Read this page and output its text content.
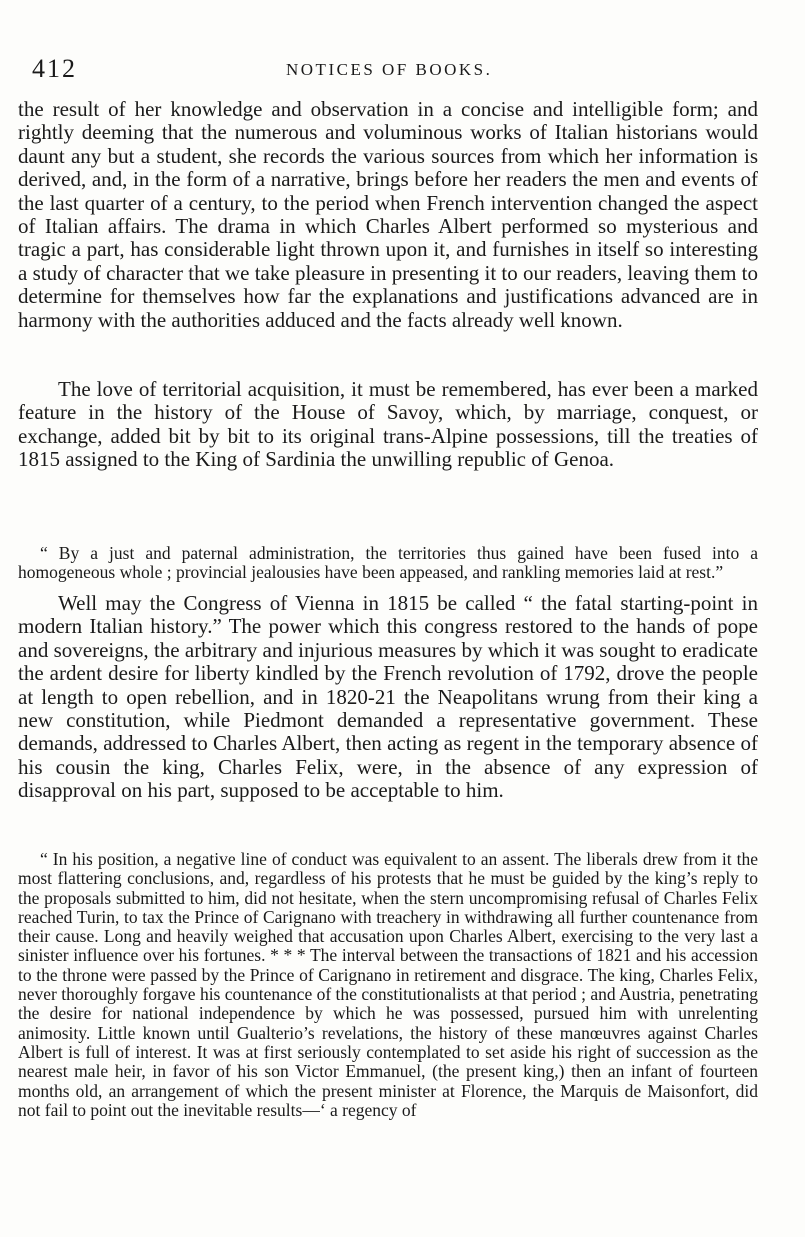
412	NOTICES OF BOOKS.

the result of her knowledge and observation in a concise and intelligible form; and rightly deeming that the numerous and voluminous works of Italian historians would daunt any but a student, she records the various sources from which her information is derived, and, in the form of a narrative, brings before her readers the men and events of the last quarter of a century, to the period when French intervention changed the aspect of Italian affairs. The drama in which Charles Albert performed so mysterious and tragic a part, has considerable light thrown upon it, and furnishes in itself so interesting a study of character that we take pleasure in presenting it to our readers, leaving them to determine for themselves how far the explanations and justifications advanced are in harmony with the authorities adduced and the facts already well known.

The love of territorial acquisition, it must be remembered, has ever been a marked feature in the history of the House of Savoy, which, by marriage, conquest, or exchange, added bit by bit to its original trans-Alpine possessions, till the treaties of 1815 assigned to the King of Sardinia the unwilling republic of Genoa.

“ By a just and paternal administration, the territories thus gained have been fused into a homogeneous whole ; provincial jealousies have been appeased, and rankling memories laid at rest.”

Well may the Congress of Vienna in 1815 be called “ the fatal starting-point in modern Italian history.” The power which this congress restored to the hands of pope and sovereigns, the arbitrary and injurious measures by which it was sought to eradicate the ardent desire for liberty kindled by the French revolution of 1792, drove the people at length to open rebellion, and in 1820-21 the Neapolitans wrung from their king a new constitution, while Piedmont demanded a representative government. These demands, addressed to Charles Albert, then acting as regent in the temporary absence of his cousin the king, Charles Felix, were, in the absence of any expression of disapproval on his part, supposed to be acceptable to him.

“ In his position, a negative line of conduct was equivalent to an assent. The liberals drew from it the most flattering conclusions, and, regardless of his protests that he must be guided by the king’s reply to the proposals submitted to him, did not hesitate, when the stern uncompromising refusal of Charles Felix reached Turin, to tax the Prince of Carignano with treachery in withdrawing all further countenance from their cause. Long and heavily weighed that accusation upon Charles Albert, exercising to the very last a sinister influence over his fortunes. * * * The interval between the transactions of 1821 and his accession to the throne were passed by the Prince of Carignano in retirement and disgrace. The king, Charles Felix, never thoroughly forgave his countenance of the constitutionalists at that period ; and Austria, penetrating the desire for national independence by which he was possessed, pursued him with unrelenting animosity. Little known until Gualterio’s revelations, the history of these manœuvres against Charles Albert is full of interest. It was at first seriously contemplated to set aside his right of succession as the nearest male heir, in favor of his son Victor Emmanuel, (the present king,) then an infant of fourteen months old, an arrangement of which the present minister at Florence, the Marquis de Maisonfort, did not fail to point out the inevitable results—‘ a regency of
